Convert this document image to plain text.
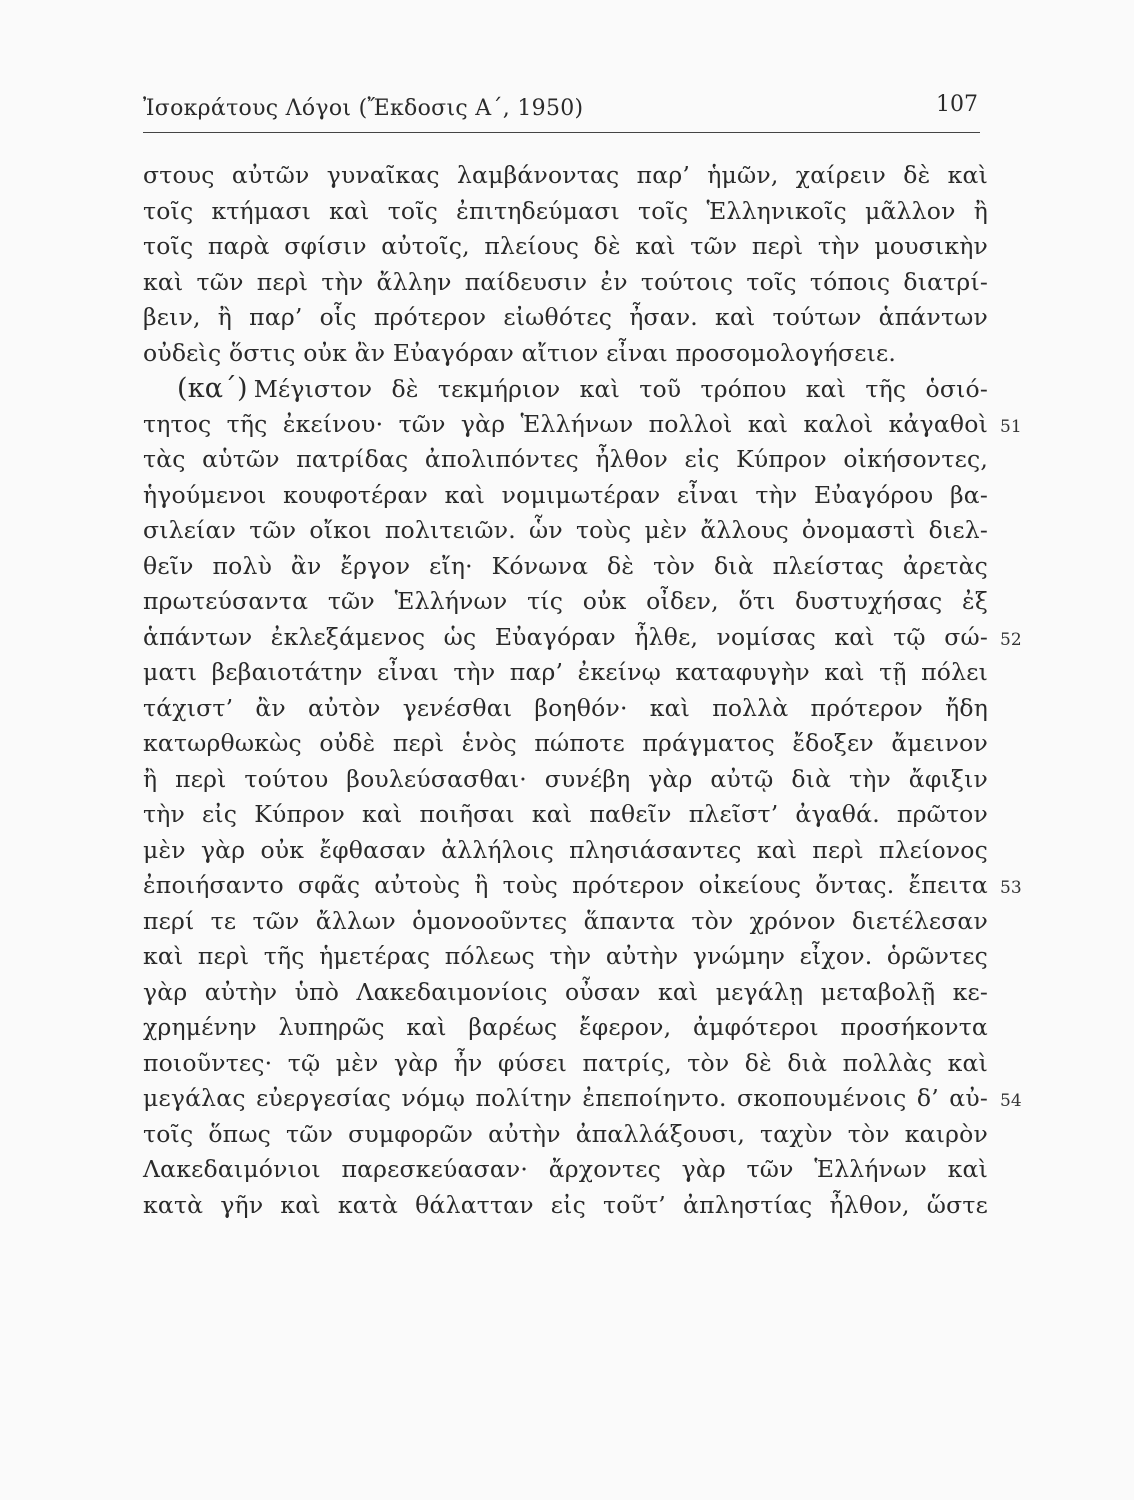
Ἰσοκράτους Λόγοι (Ἔκδοσις Α΄, 1950)	107
στους αὐτῶν γυναῖκας λαμβάνοντας παρ’ ἡμῶν, χαίρειν δὲ καὶ
τοῖς κτήμασι καὶ τοῖς ἐπιτηδεύμασι τοῖς Ἑλληνικοῖς μᾶλλον ἢ
τοῖς παρὰ σφίσιν αὐτοῖς, πλείους δὲ καὶ τῶν περὶ τὴν μουσικὴν
καὶ τῶν περὶ τὴν ἄλλην παίδευσιν ἐν τούτοις τοῖς τόποις διατρί-
βειν, ἢ παρ’ οἷς πρότερον εἰωθότες ἦσαν. καὶ τούτων ἁπάντων
οὐδεὶς ὅστις οὐκ ἂν Εὐαγόραν αἴτιον εἶναι προσομολογήσειε.
(κα΄) Μέγιστον δὲ τεκμήριον καὶ τοῦ τρόπου καὶ τῆς ὁσιό-
τητος τῆς ἐκείνου· τῶν γὰρ Ἑλλήνων πολλοὶ καὶ καλοὶ κἀγαθοὶ
τὰς αὑτῶν πατρίδας ἀπολιπόντες ἦλθον εἰς Κύπρον οἰκήσοντες,
ἡγούμενοι κουφοτέραν καὶ νομιμωτέραν εἶναι τὴν Εὐαγόρου βα-
σιλείαν τῶν οἴκοι πολιτειῶν. ὧν τοὺς μὲν ἄλλους ὀνομαστὶ διελ-
θεῖν πολὺ ἂν ἔργον εἴη· Κόνωνα δὲ τὸν διὰ πλείστας ἀρετὰς
πρωτεύσαντα τῶν Ἑλλήνων τίς οὐκ οἶδεν, ὅτι δυστυχήσας ἐξ
ἁπάντων ἐκλεξάμενος ὡς Εὐαγόραν ἦλθε, νομίσας καὶ τῷ σώ-
ματι βεβαιοτάτην εἶναι τὴν παρ’ ἐκείνῳ καταφυγὴν καὶ τῇ πόλει
τάχιστ’ ἂν αὐτὸν γενέσθαι βοηθόν· καὶ πολλὰ πρότερον ἤδη
κατωρθωκὼς οὐδὲ περὶ ἑνὸς πώποτε πράγματος ἔδοξεν ἄμεινον
ἢ περὶ τούτου βουλεύσασθαι· συνέβη γὰρ αὐτῷ διὰ τὴν ἄφιξιν
τὴν εἰς Κύπρον καὶ ποιῆσαι καὶ παθεῖν πλεῖστ’ ἀγαθά. πρῶτον
μὲν γὰρ οὐκ ἔφθασαν ἀλλήλοις πλησιάσαντες καὶ περὶ πλείονος
ἐποιήσαντο σφᾶς αὐτοὺς ἢ τοὺς πρότερον οἰκείους ὄντας. ἔπειτα
περί τε τῶν ἄλλων ὁμονοοῦντες ἅπαντα τὸν χρόνον διετέλεσαν
καὶ περὶ τῆς ἡμετέρας πόλεως τὴν αὐτὴν γνώμην εἶχον. ὁρῶντες
γὰρ αὐτὴν ὑπὸ Λακεδαιμονίοις οὖσαν καὶ μεγάλῃ μεταβολῇ κε-
χρημένην λυπηρῶς καὶ βαρέως ἔφερον, ἀμφότεροι προσήκοντα
ποιοῦντες· τῷ μὲν γὰρ ἦν φύσει πατρίς, τὸν δὲ διὰ πολλὰς καὶ
μεγάλας εὐεργεσίας νόμῳ πολίτην ἐπεποίηντο. σκοπουμένοις δ’ αὐ-
τοῖς ὅπως τῶν συμφορῶν αὐτὴν ἀπαλλάξουσι, ταχὺν τὸν καιρὸν
Λακεδαιμόνιοι παρεσκεύασαν· ἄρχοντες γὰρ τῶν Ἑλλήνων καὶ
κατὰ γῆν καὶ κατὰ θάλατταν εἰς τοῦτ’ ἀπληστίας ἦλθον, ὥστε
51
52
53
54
